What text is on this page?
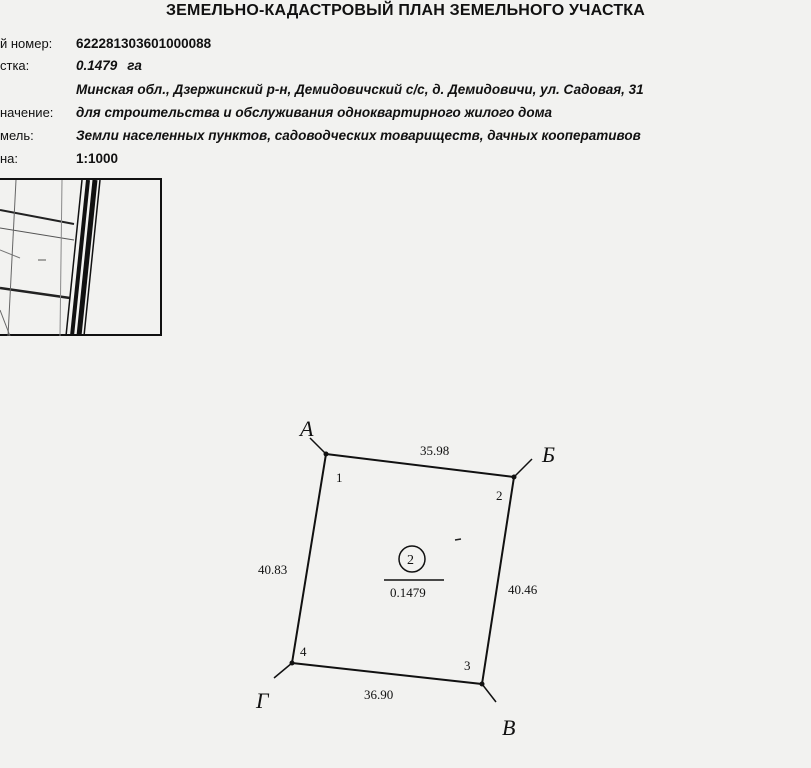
ЗЕМЕЛЬНО-КАДАСТРОВЫЙ ПЛАН ЗЕМЕЛЬНОГО УЧАСТКА
й номер: 622281303601000088
стка:	0.1479 га
Минская обл., Дзержинский р-н, Демидовичский с/с, д. Демидовичи, ул. Садовая, 31
начение: для строительства и обслуживания одноквартирного жилого дома
мель:	Земли населенных пунктов, садоводческих товариществ, дачных кооперативов
на:	1:1000
А
Б
В
Г
1
2
3
4
35.98
40.46
36.90
40.83
2
0.1479
